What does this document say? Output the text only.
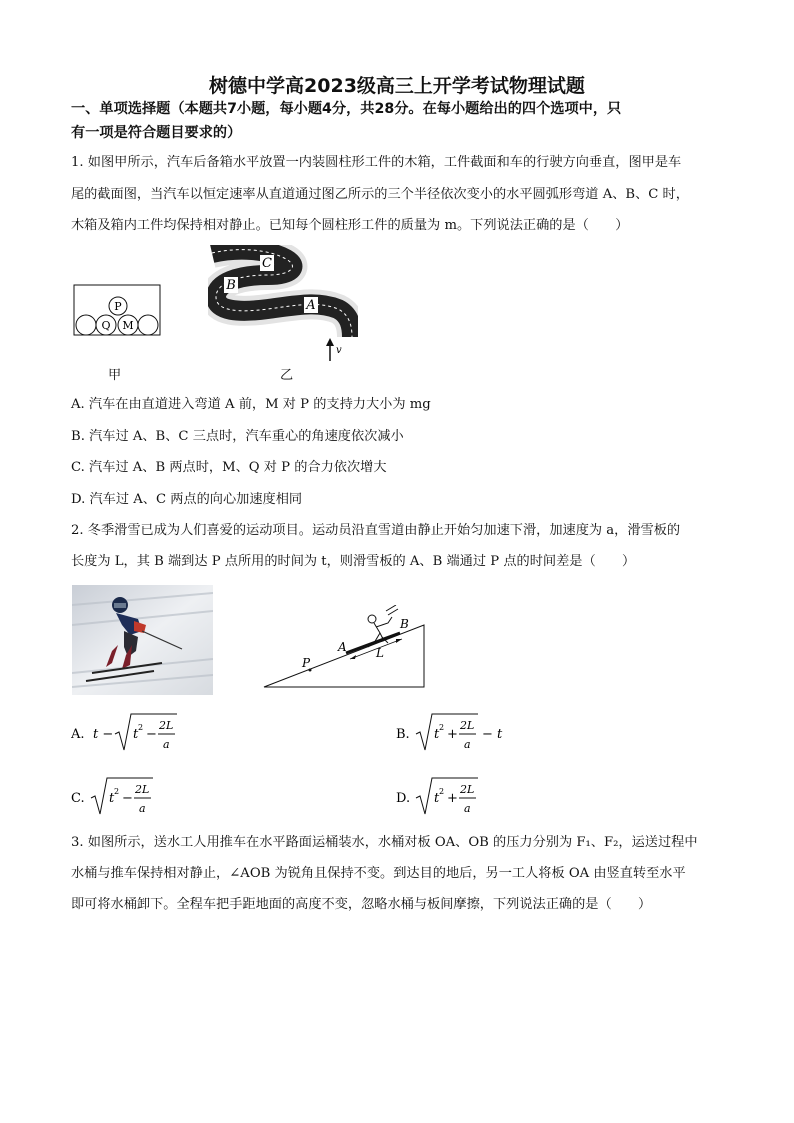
树德中学高2023级高三上开学考试物理试题
一、单项选择题（本题共7小题，每小题4分，共28分。在每小题给出的四个选项中，只
有一项是符合题目要求的）
1. 如图甲所示，汽车后备箱水平放置一内装圆柱形工件的木箱，工件截面和车的行驶方向垂直，图甲是车
尾的截面图，当汽车以恒定速率从直道通过图乙所示的三个半径依次变小的水平圆弧形弯道 A、B、C 时，
木箱及箱内工件均保持相对静止。已知每个圆柱形工件的质量为 m。下列说法正确的是（　　）
P
Q M
甲
C
B
A
v
乙
A. 汽车在由直道进入弯道 A 前，M 对 P 的支持力大小为 mg
B. 汽车过 A、B、C 三点时，汽车重心的角速度依次减小
C. 汽车过 A、B 两点时，M、Q 对 P 的合力依次增大
D. 汽车过 A、C 两点的向心加速度相同
2. 冬季滑雪已成为人们喜爱的运动项目。运动员沿直雪道由静止开始匀加速下滑，加速度为 a，滑雪板的
长度为 L，其 B 端到达 P 点所用的时间为 t，则滑雪板的 A、B 端通过 P 点的时间差是（　　）
P
A
B
L
A. t − t 2 −
2L
a
B. t 2 +
2L
a
− t
C. t 2 −
2L
a
D. t 2 +
2L
a
3. 如图所示，送水工人用推车在水平路面运桶装水，水桶对板 OA、OB 的压力分别为 F₁、F₂，运送过程中
水桶与推车保持相对静止，∠AOB 为锐角且保持不变。到达目的地后，另一工人将板 OA 由竖直转至水平
即可将水桶卸下。全程车把手距地面的高度不变，忽略水桶与板间摩擦，下列说法正确的是（　　）
